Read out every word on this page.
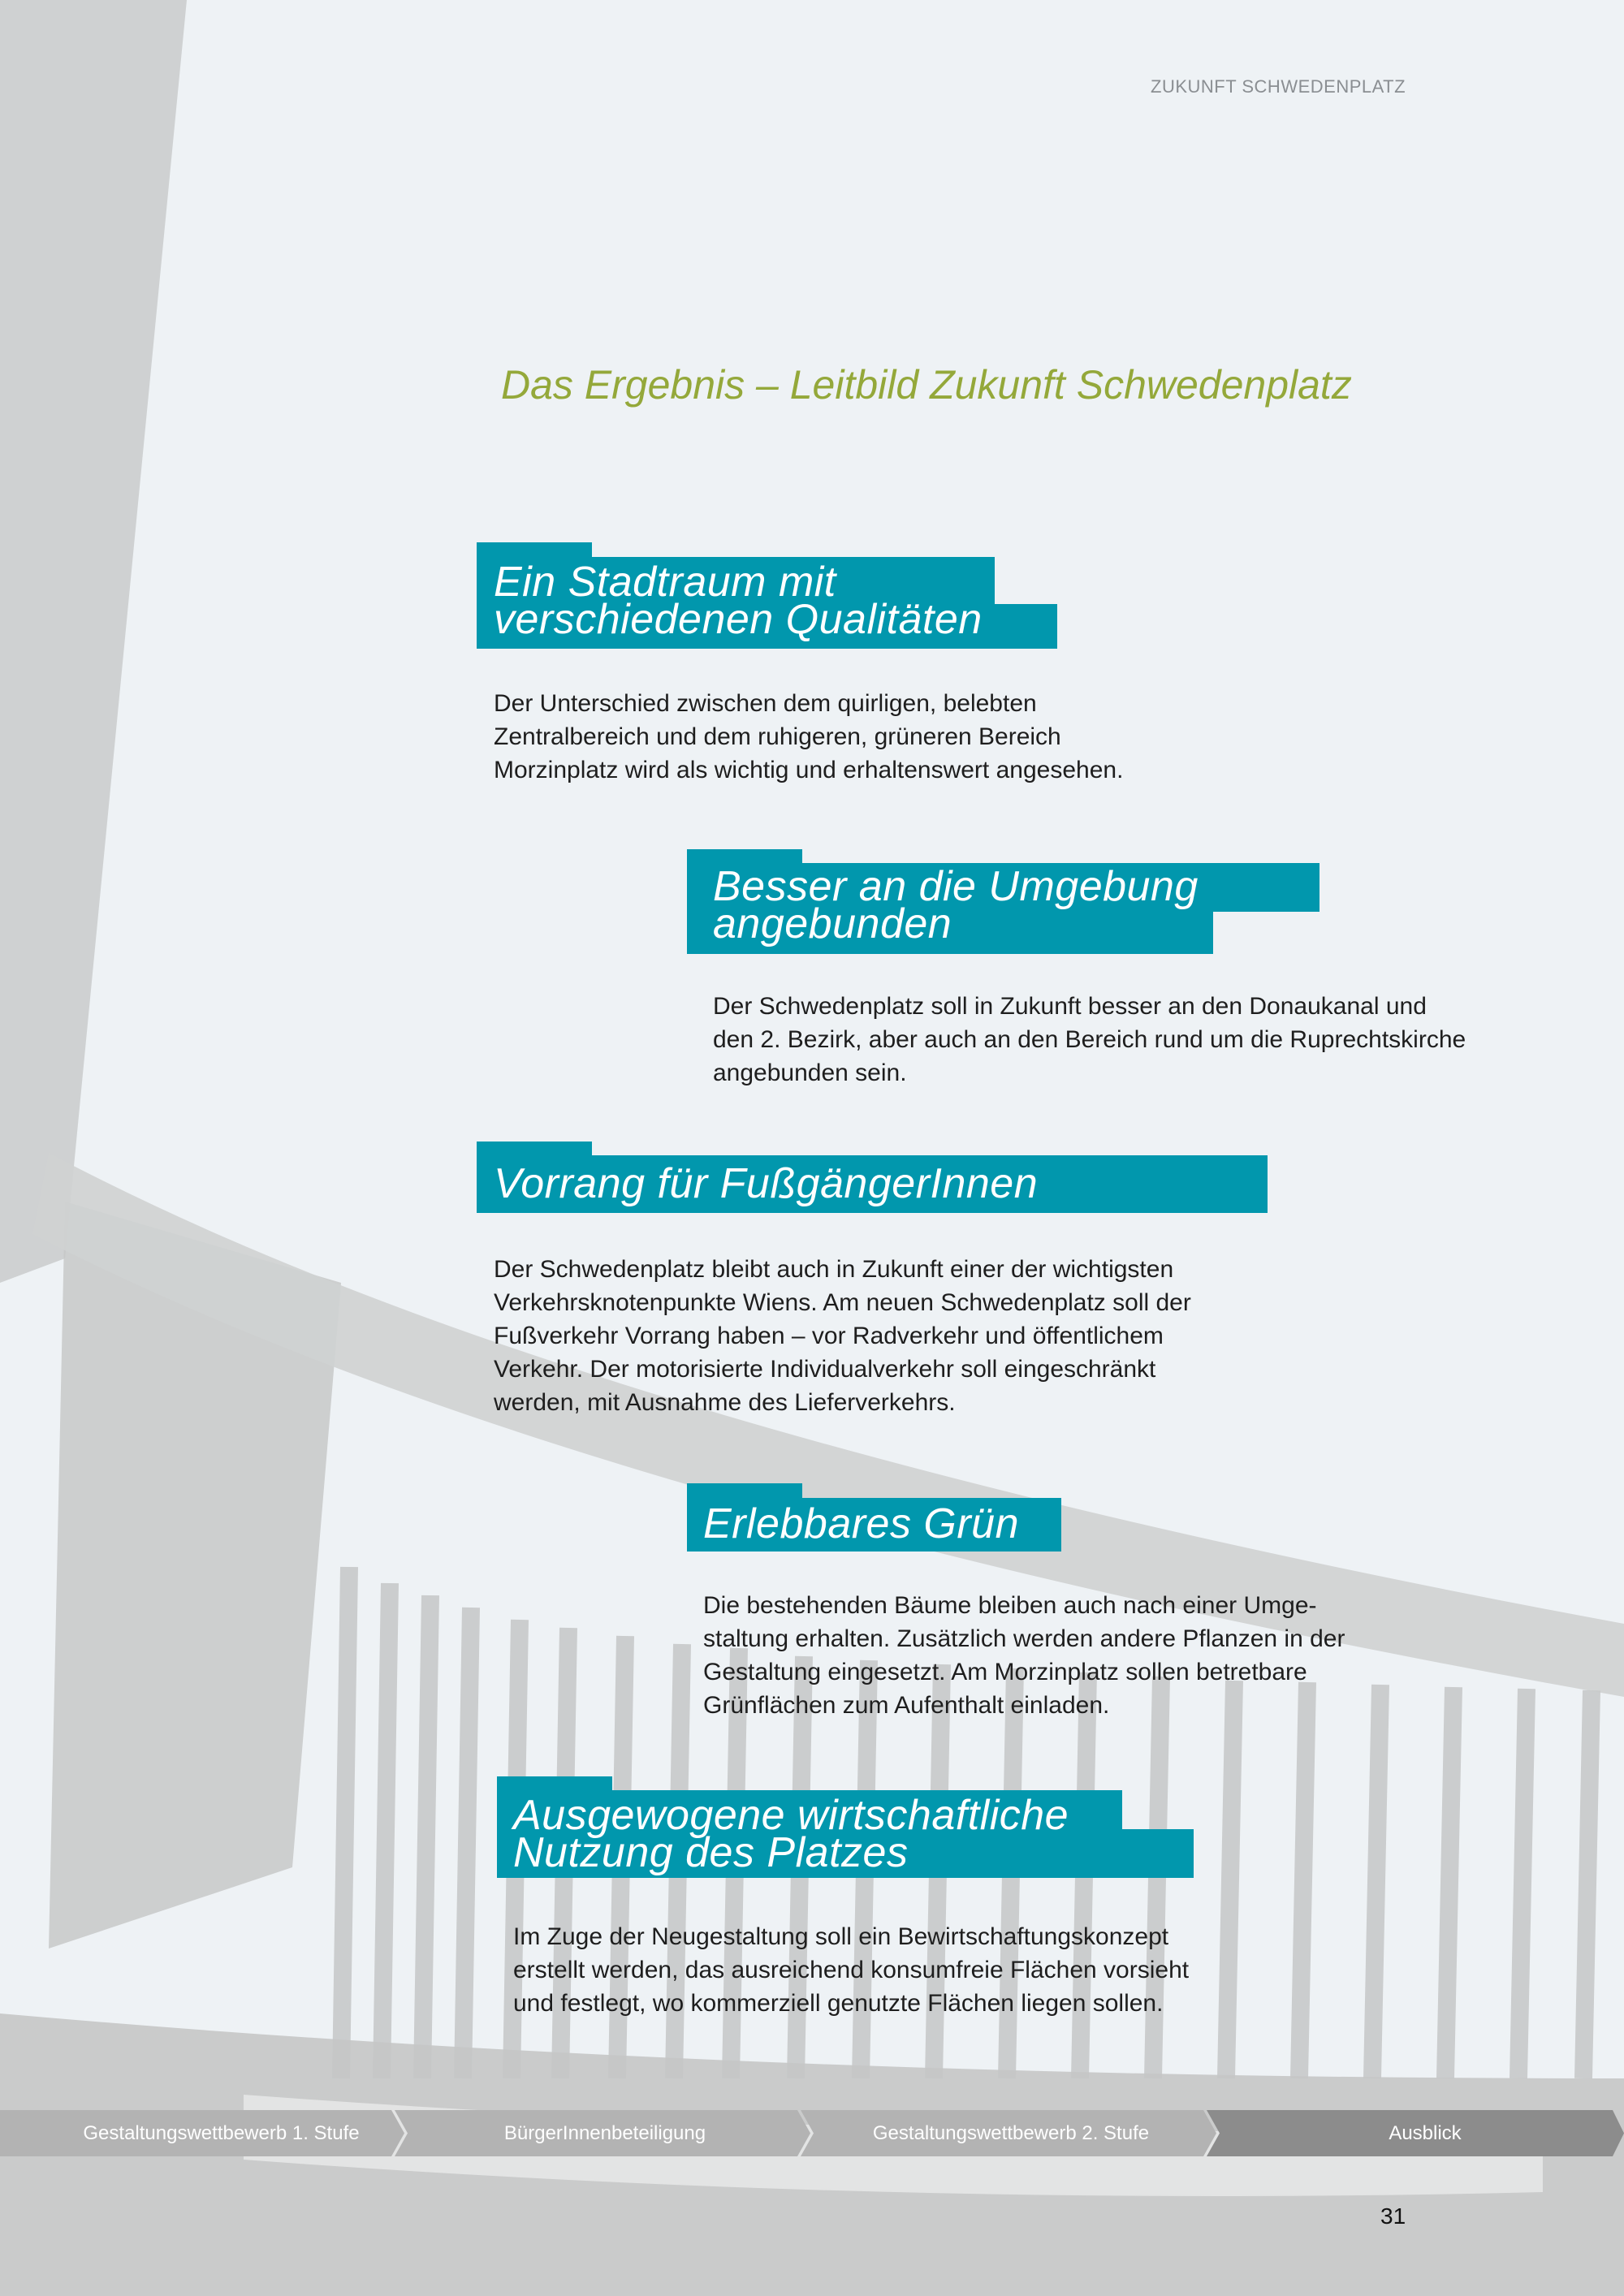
ZUKUNFT SCHWEDENPLATZ
Das Ergebnis – Leitbild Zukunft Schwedenplatz
Ein Stadtraum mit
verschiedenen Qualitäten

Der Unterschied zwischen dem quirligen, belebten
Zentralbereich und dem ruhigeren, grüneren Bereich
Morzinplatz wird als wichtig und erhaltenswert angesehen.

Besser an die Umgebung
angebunden

Der Schwedenplatz soll in Zukunft besser an den Donaukanal und
den 2. Bezirk, aber auch an den Bereich rund um die Ruprechtskirche
angebunden sein.

Vorrang für FußgängerInnen

Der Schwedenplatz bleibt auch in Zukunft einer der wichtigsten
Verkehrsknotenpunkte Wiens. Am neuen Schwedenplatz soll der
Fußverkehr Vorrang haben – vor Radverkehr und öffentlichem
Verkehr. Der motorisierte Individualverkehr soll eingeschränkt
werden, mit Ausnahme des Lieferverkehrs.

Erlebbares Grün

Die bestehenden Bäume bleiben auch nach einer Umge-
staltung erhalten. Zusätzlich werden andere Pflanzen in der
Gestaltung eingesetzt. Am Morzinplatz sollen betretbare
Grünflächen zum Aufenthalt einladen.

Ausgewogene wirtschaftliche
Nutzung des Platzes

Im Zuge der Neugestaltung soll ein Bewirtschaftungskonzept
erstellt werden, das ausreichend konsumfreie Flächen vorsieht
und festlegt, wo kommerziell genutzte Flächen liegen sollen.

Gestaltungswettbewerb 1. Stufe	BürgerInnenbeteiligung	Gestaltungswettbewerb 2. Stufe	Ausblick
31
